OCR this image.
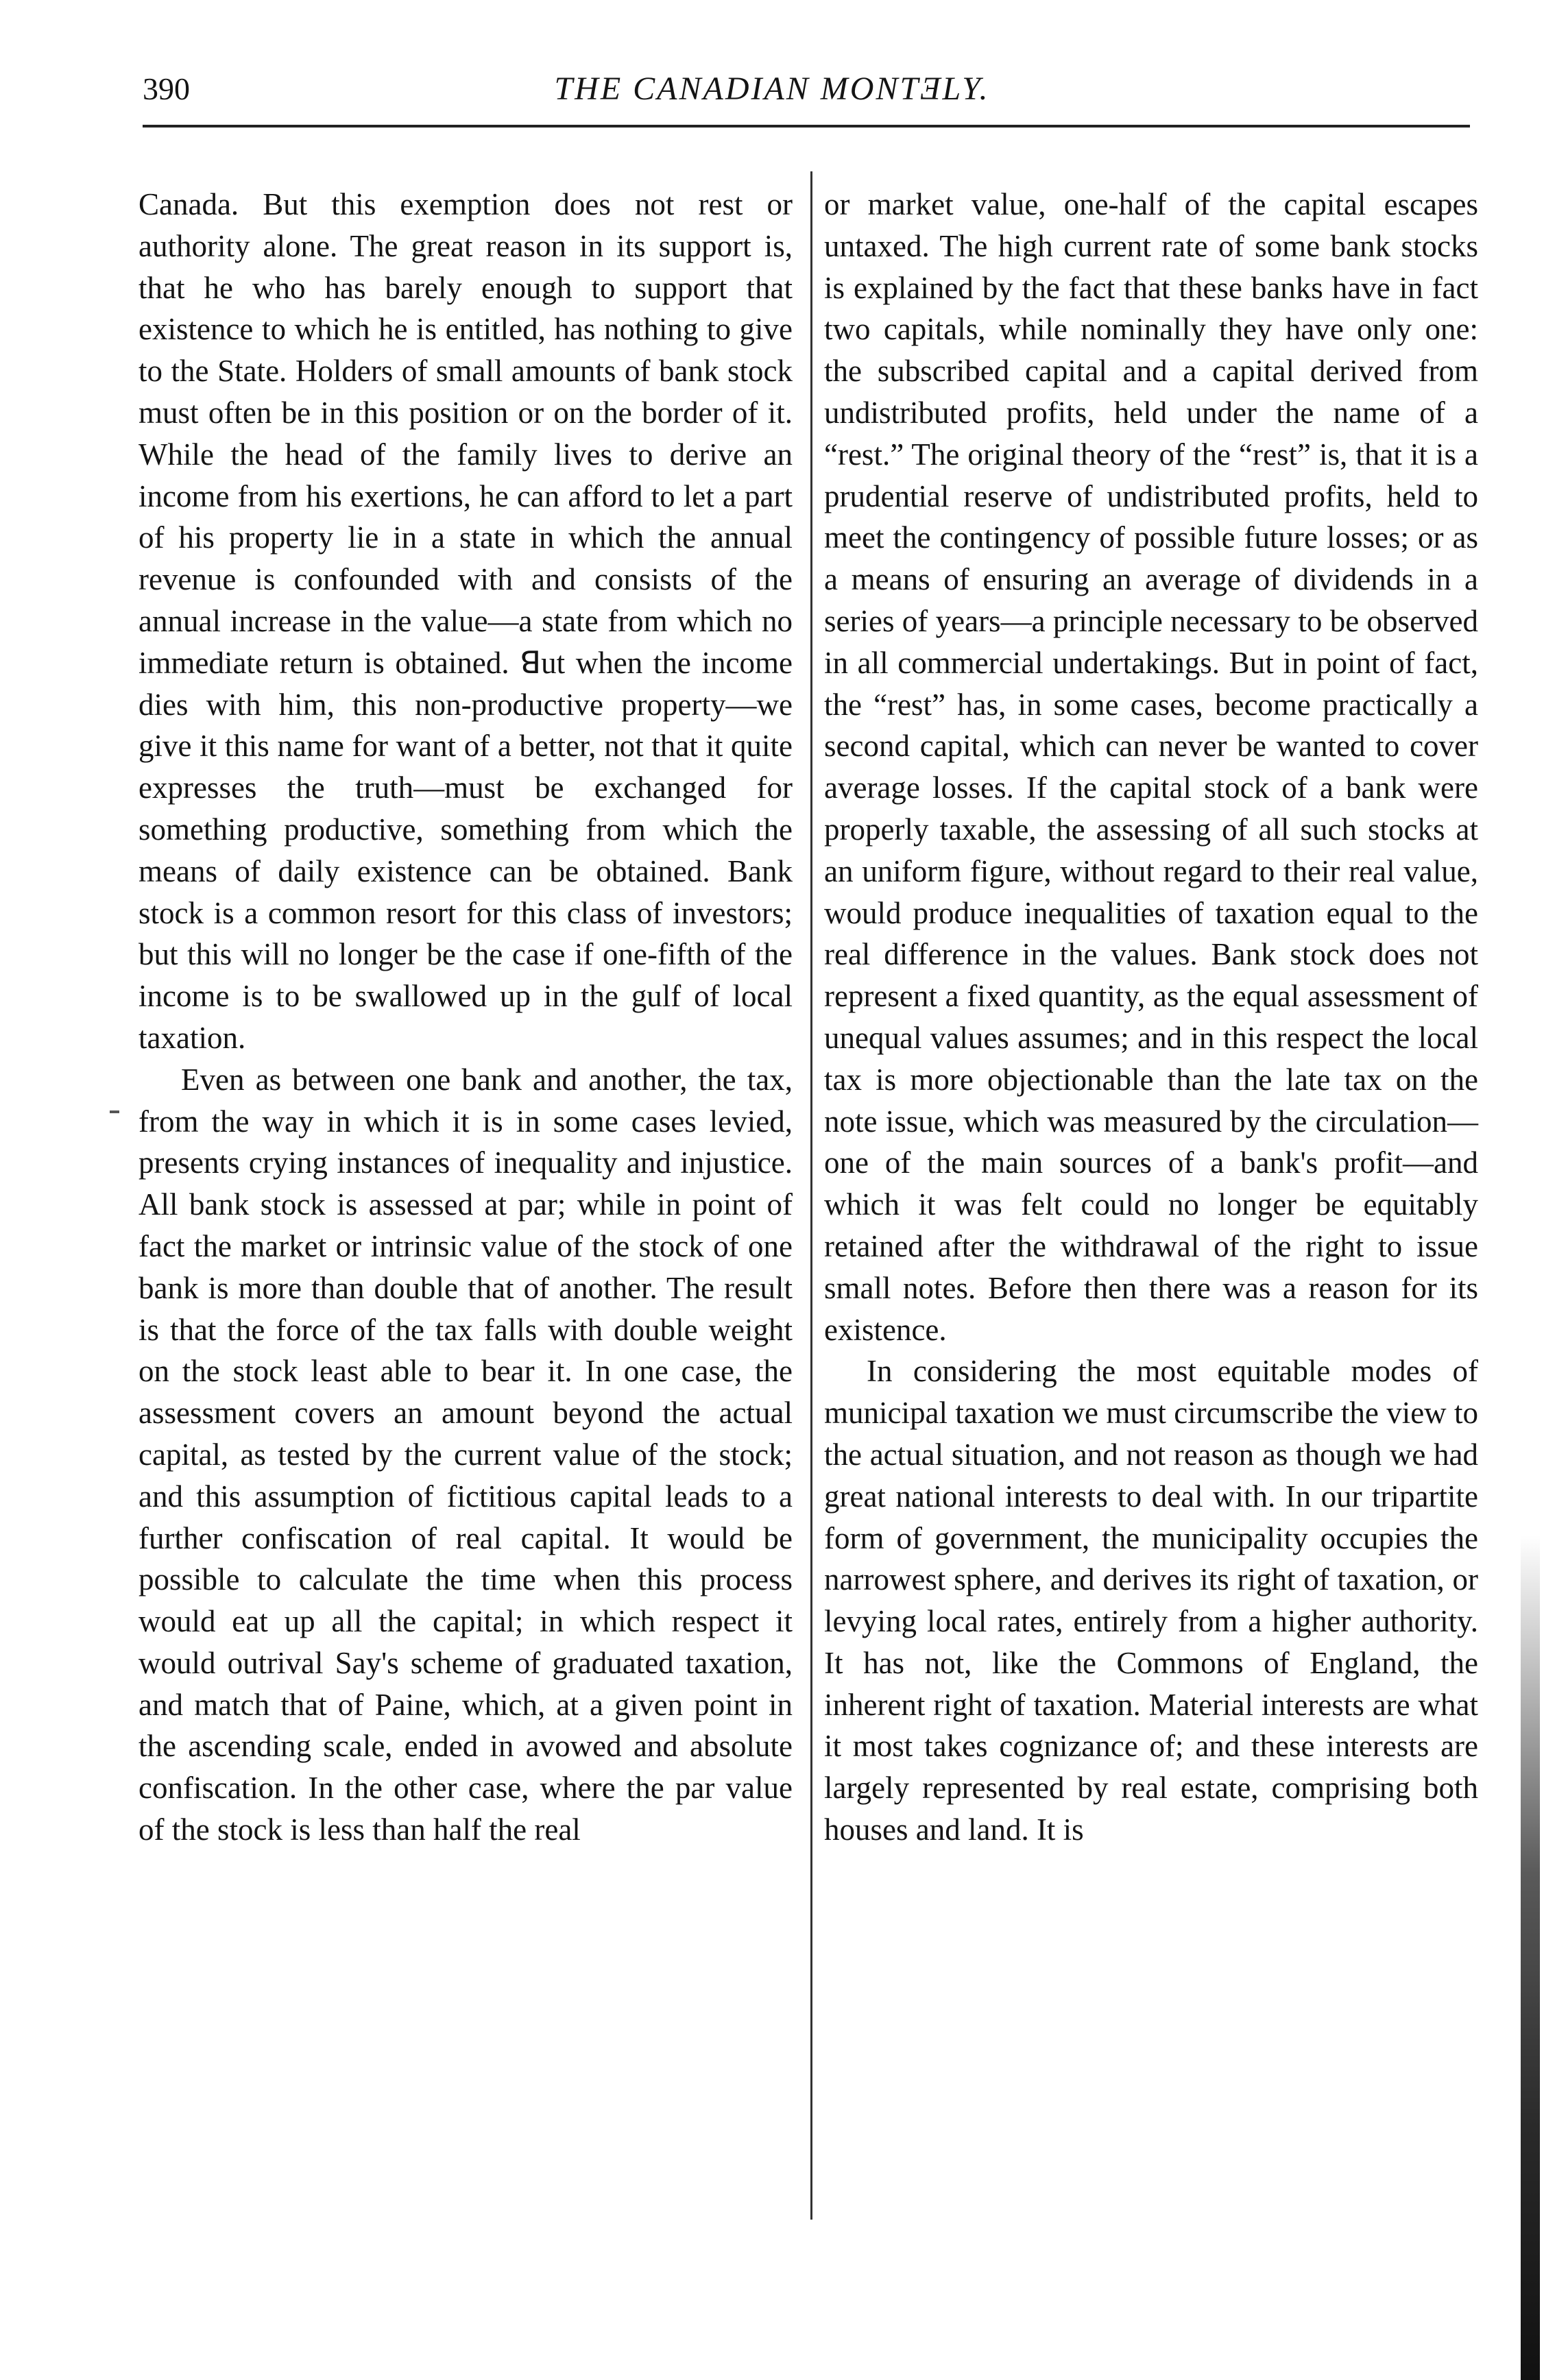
390	THE CANADIAN MONTƎLY.

Canada. But this exemption does not rest or authority alone. The great reason in its support is, that he who has barely enough to support that existence to which he is entitled, has nothing to give to the State. Holders of small amounts of bank stock must often be in this position or on the border of it. While the head of the family lives to derive an income from his exertions, he can afford to let a part of his property lie in a state in which the annual revenue is confounded with and consists of the annual increase in the value—a state from which no immediate return is obtained. ꓭut when the income dies with him, this non-productive property—we give it this name for want of a better, not that it quite expresses the truth—must be exchanged for something productive, something from which the means of daily existence can be obtained. Bank stock is a common resort for this class of investors; but this will no longer be the case if one-fifth of the income is to be swallowed up in the gulf of local taxation.

Even as between one bank and another, the tax, from the way in which it is in some cases levied, presents crying instances of inequality and injustice. All bank stock is assessed at par; while in point of fact the market or intrinsic value of the stock of one bank is more than double that of another. The result is that the force of the tax falls with double weight on the stock least able to bear it. In one case, the assessment covers an amount beyond the actual capital, as tested by the current value of the stock; and this assumption of fictitious capital leads to a further confiscation of real capital. It would be possible to calculate the time when this process would eat up all the capital; in which respect it would outrival Say's scheme of graduated taxation, and match that of Paine, which, at a given point in the ascending scale, ended in avowed and absolute confiscation. In the other case, where the par value of the stock is less than half the real

or market value, one-half of the capital escapes untaxed. The high current rate of some bank stocks is explained by the fact that these banks have in fact two capitals, while nominally they have only one: the subscribed capital and a capital derived from undistributed profits, held under the name of a “rest.” The original theory of the “rest” is, that it is a prudential reserve of undistributed profits, held to meet the contingency of possible future losses; or as a means of ensuring an average of dividends in a series of years—a principle necessary to be observed in all commercial undertakings. But in point of fact, the “rest” has, in some cases, become practically a second capital, which can never be wanted to cover average losses. If the capital stock of a bank were properly taxable, the assessing of all such stocks at an uniform figure, without regard to their real value, would produce inequalities of taxation equal to the real difference in the values. Bank stock does not represent a fixed quantity, as the equal assessment of unequal values assumes; and in this respect the local tax is more objectionable than the late tax on the note issue, which was measured by the circulation—one of the main sources of a bank's profit—and which it was felt could no longer be equitably retained after the withdrawal of the right to issue small notes. Before then there was a reason for its existence.

In considering the most equitable modes of municipal taxation we must circumscribe the view to the actual situation, and not reason as though we had great national interests to deal with. In our tripartite form of government, the municipality occupies the narrowest sphere, and derives its right of taxation, or levying local rates, entirely from a higher authority. It has not, like the Commons of England, the inherent right of taxation. Material interests are what it most takes cognizance of; and these interests are largely represented by real estate, comprising both houses and land. It is
